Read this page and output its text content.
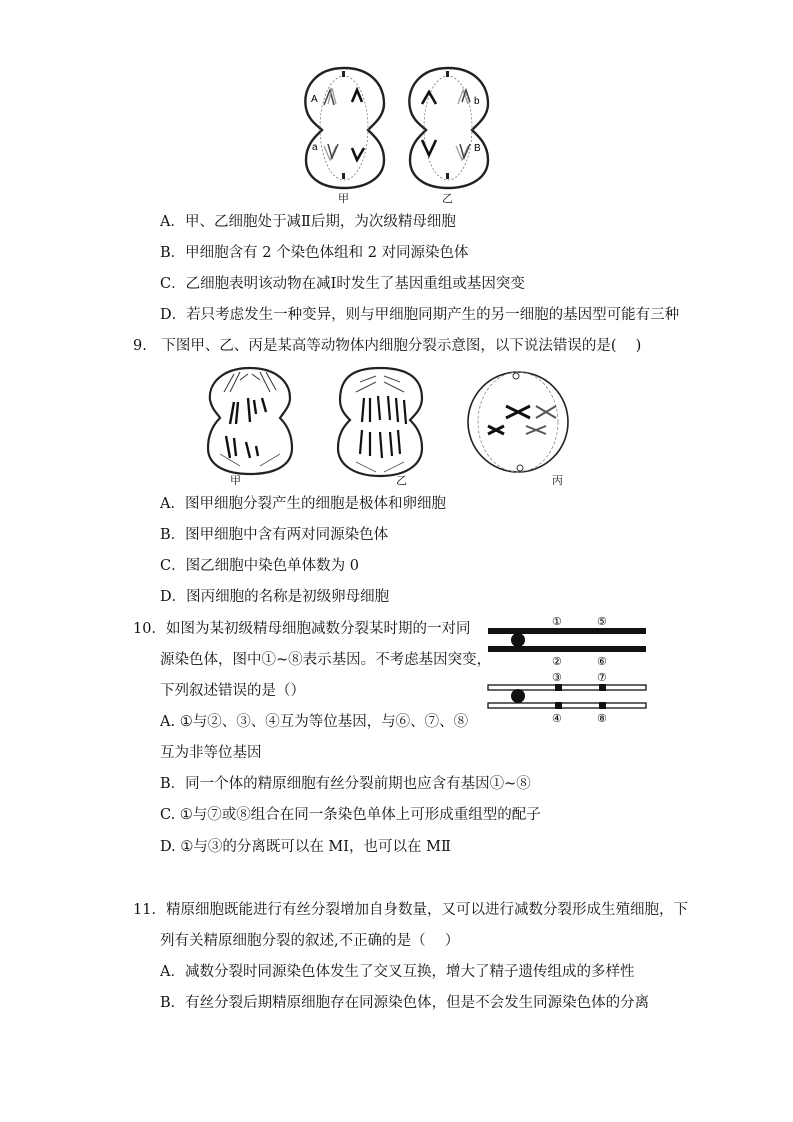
A
a
b
B
甲	乙
A．甲、乙细胞处于减Ⅱ后期，为次级精母细胞
B．甲细胞含有 2 个染色体组和 2 对同源染色体
C．乙细胞表明该动物在减Ⅰ时发生了基因重组或基因突变
D．若只考虑发生一种变异，则与甲细胞同期产生的另一细胞的基因型可能有三种
9.　下图甲、乙、丙是某高等动物体内细胞分裂示意图，以下说法错误的是(　 )
甲	乙	丙
A．图甲细胞分裂产生的细胞是极体和卵细胞
B．图甲细胞中含有两对同源染色体
C．图乙细胞中染色单体数为 0
D．图丙细胞的名称是初级卵母细胞
10．如图为某初级精母细胞减数分裂某时期的一对同
源染色体，图中①~⑧表示基因。不考虑基因突变，
下列叙述错误的是（）
A. ①与②、③、④互为等位基因，与⑥、⑦、⑧
互为非等位基因
B．同一个体的精原细胞有丝分裂前期也应含有基因①~⑧
C. ①与⑦或⑧组合在同一条染色单体上可形成重组型的配子
D. ①与③的分离既可以在 MⅠ，也可以在 MⅡ
①	⑤
②	⑥
③	⑦
④	⑧
11．精原细胞既能进行有丝分裂增加自身数量，又可以进行减数分裂形成生殖细胞，下
列有关精原细胞分裂的叙述,不正确的是（　 ）
A．减数分裂时同源染色体发生了交叉互换，增大了精子遗传组成的多样性
B．有丝分裂后期精原细胞存在同源染色体，但是不会发生同源染色体的分离
